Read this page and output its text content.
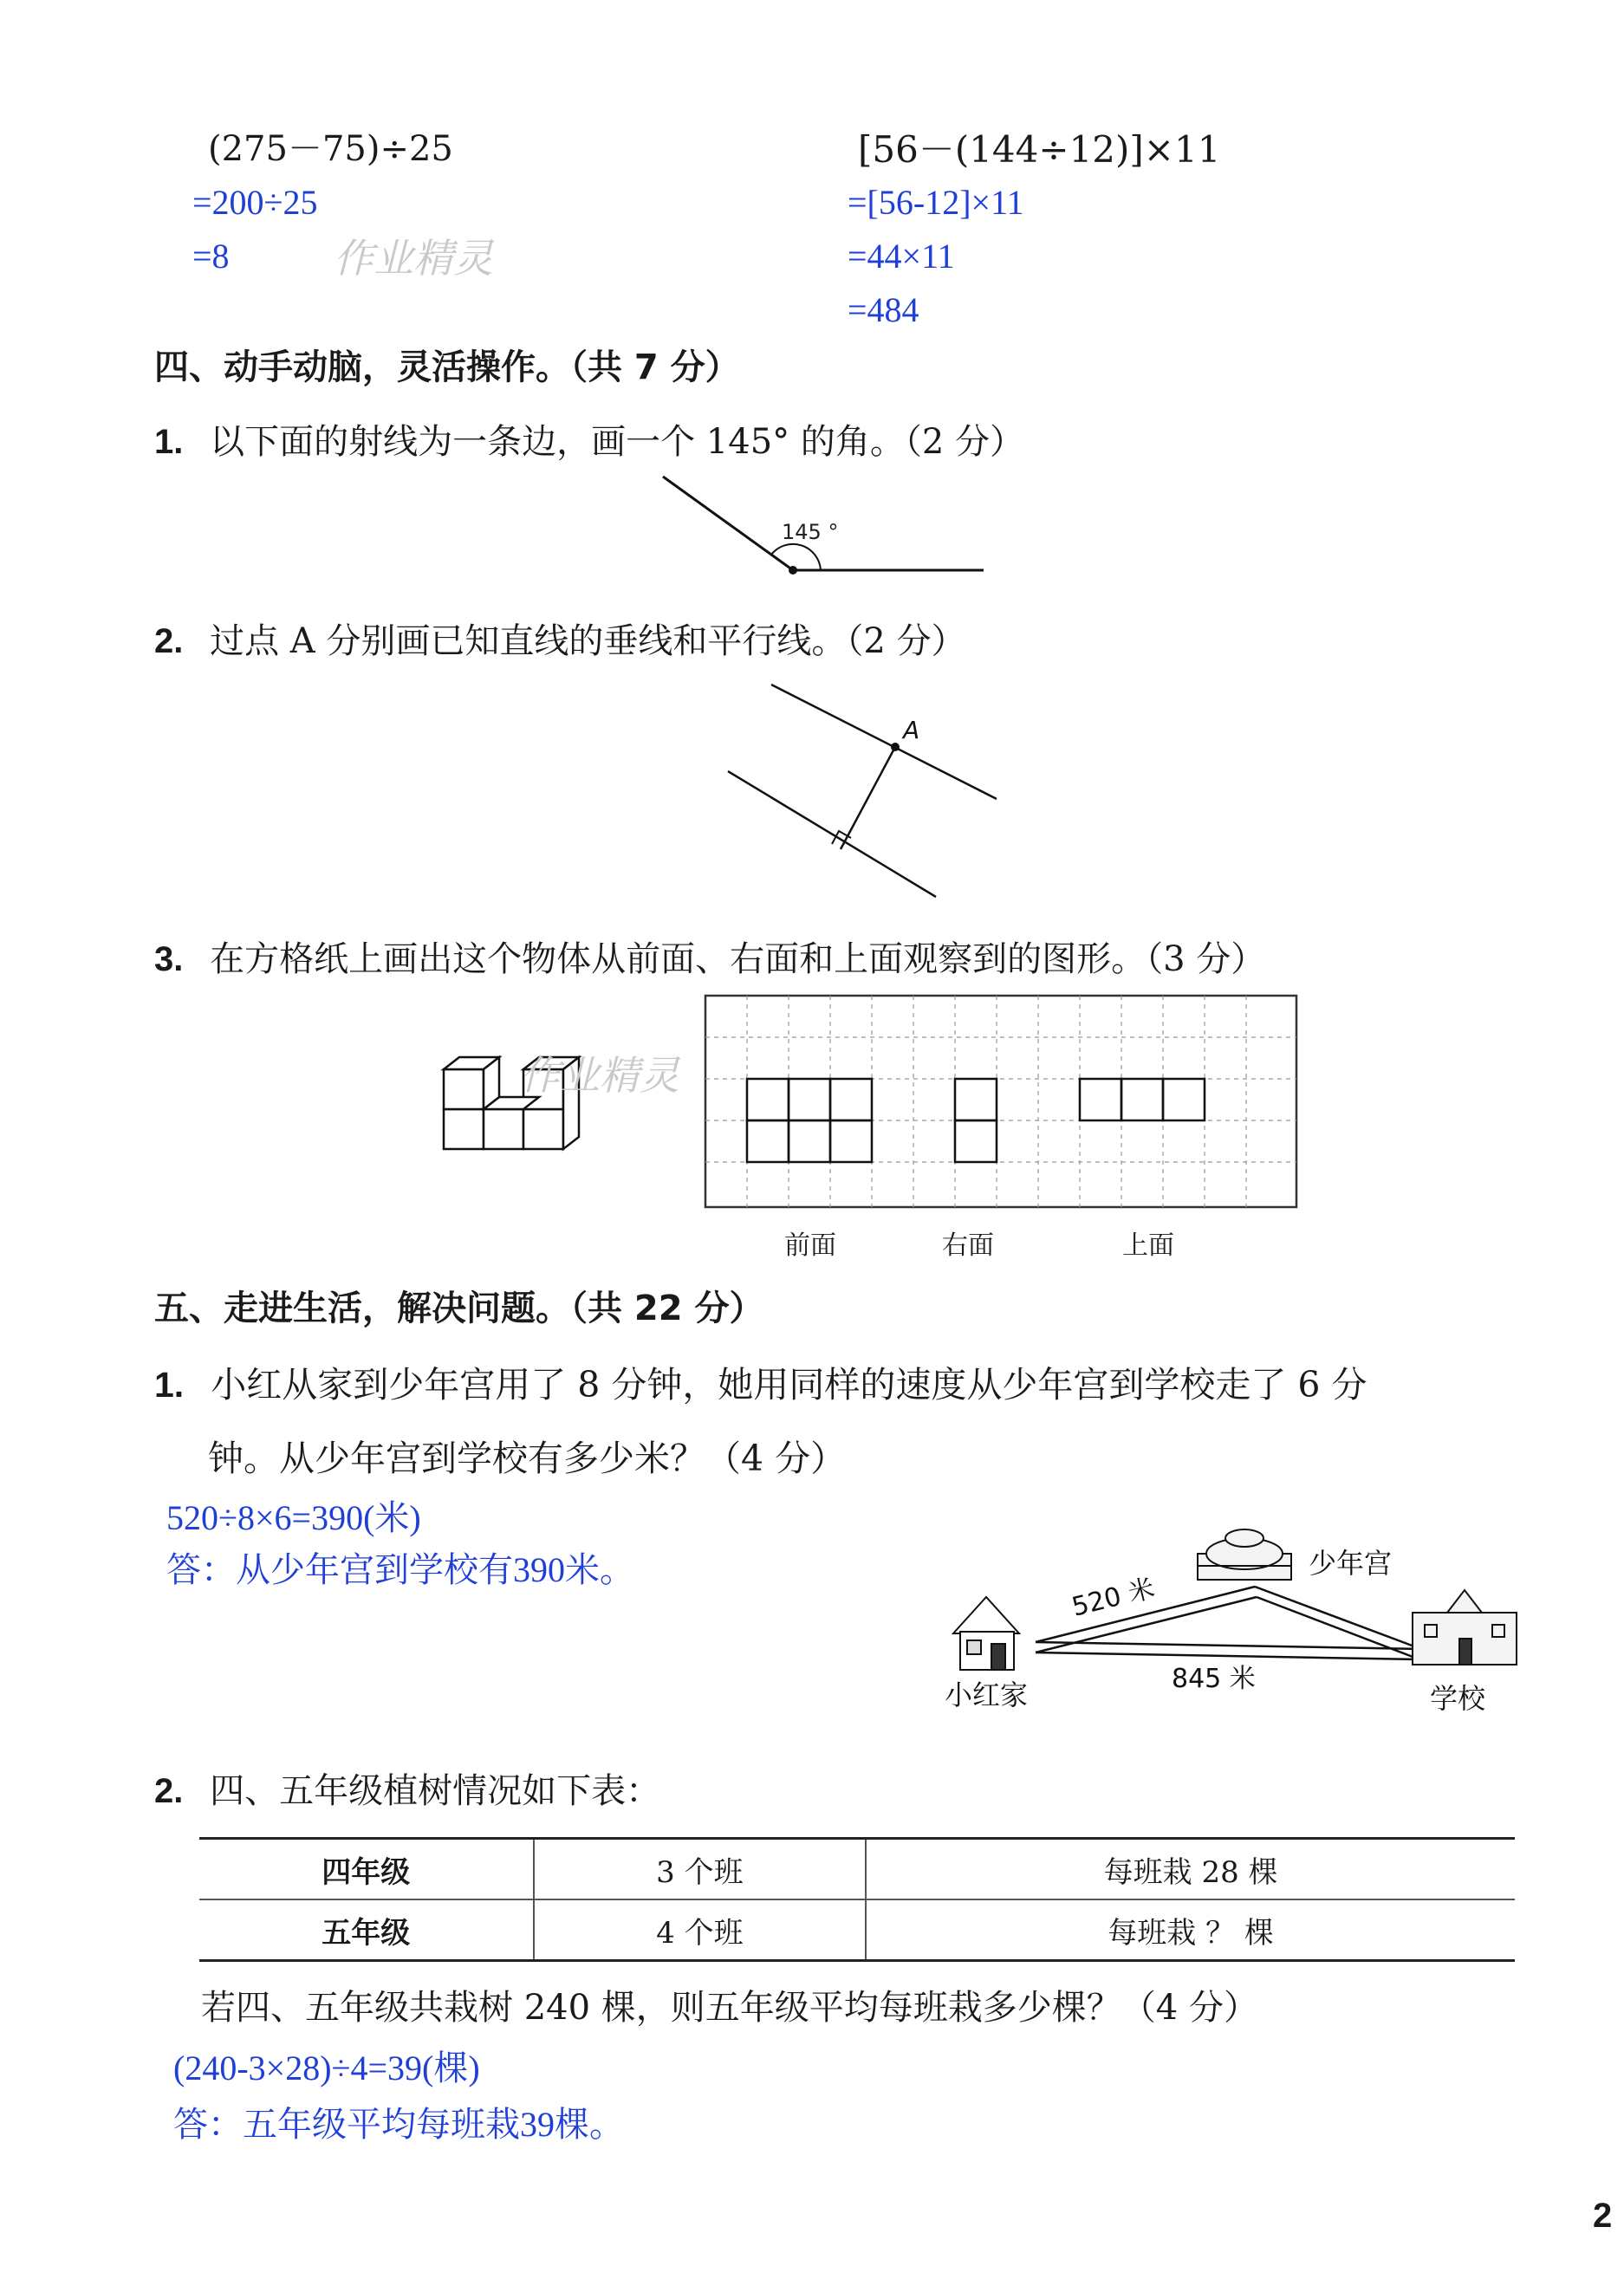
(275－75)÷25
=200÷25
=8	作业精灵
[56－(144÷12)]×11
=[56-12]×11
=44×11
=484
四、动手动脑，灵活操作。（共 7 分）
1. 以下面的射线为一条边，画一个 145° 的角。（2 分）
145 °
2. 过点 A 分别画已知直线的垂线和平行线。（2 分）
A
3. 在方格纸上画出这个物体从前面、右面和上面观察到的图形。（3 分）
作业精灵
前面	右面	上面
五、走进生活，解决问题。（共 22 分）
1. 小红从家到少年宫用了 8 分钟，她用同样的速度从少年宫到学校走了 6 分
钟。从少年宫到学校有多少米？（4 分）
520÷8×6=390(米)
答：从少年宫到学校有390米。
520 米
845 米
少年宫
小红家	学校
2. 四、五年级植树情况如下表：
四年级	3 个班	每班栽 28 棵
五年级	4 个班	每班栽 ？ 棵
若四、五年级共栽树 240 棵，则五年级平均每班栽多少棵？（4 分）
(240-3×28)÷4=39(棵)
答：五年级平均每班栽39棵。
2
